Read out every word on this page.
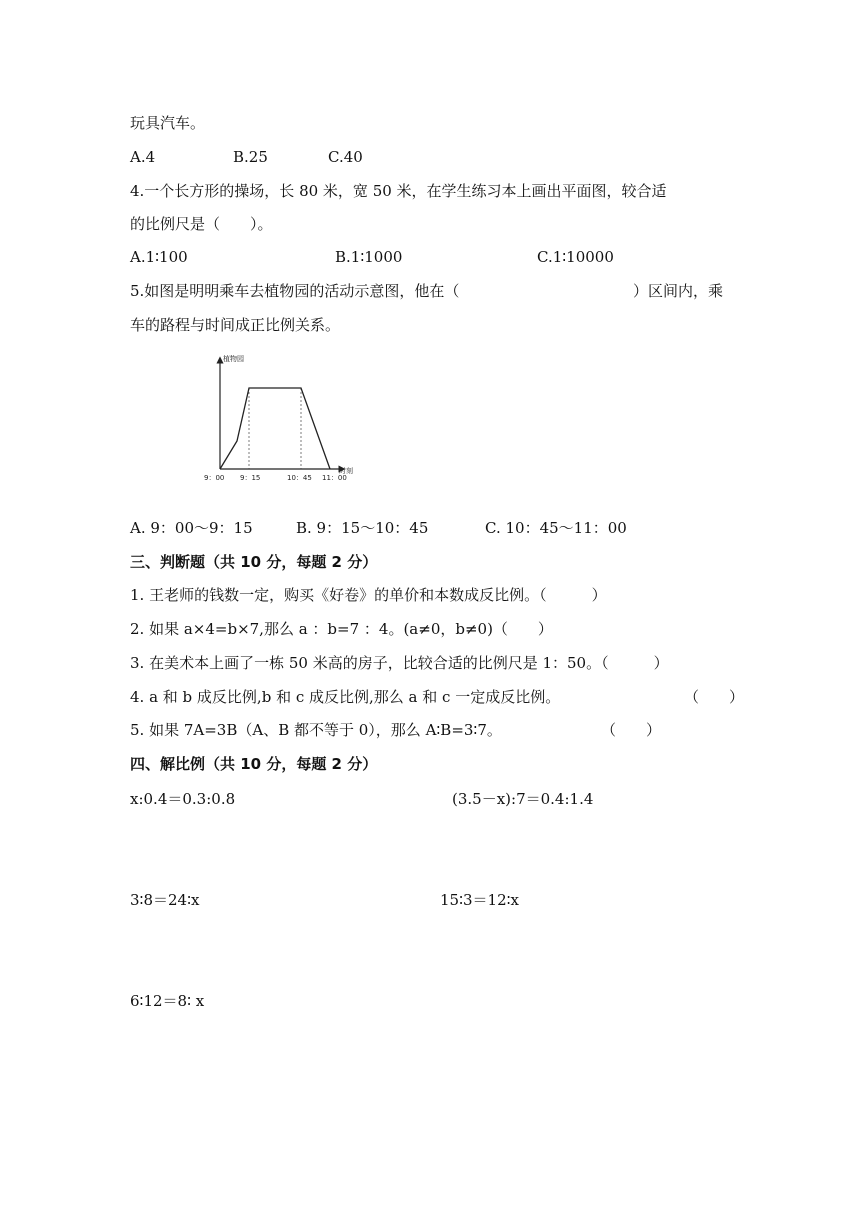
玩具汽车。
A.4	B.25	C.40
4.一个长方形的操场，长 80 米，宽 50 米，在学生练习本上画出平面图，较合适
的比例尺是（　　）。
A.1∶100	B.1∶1000	C.1∶10000
5.如图是明明乘车去植物园的活动示意图，他在（	）区间内，乘
车的路程与时间成正比例关系。
植物园
时刻
9：00 9：15	10：45 11：00
A. 9：00～9：15	B. 9：15～10：45	C. 10：45～11：00
三、判断题（共 10 分，每题 2 分）
1. 王老师的钱数一定，购买《好卷》的单价和本数成反比例。（　　　）
2. 如果 a×4=b×7,那么 a ：b=7 ：4。(a≠0，b≠0)（　　）
3. 在美术本上画了一栋 50 米高的房子，比较合适的比例尺是 1：50。（　　　）
4. a 和 b 成反比例,b 和 c 成反比例,那么 a 和 c 一定成反比例。	（　　）
5. 如果 7A=3B（A、B 都不等于 0），那么 A∶B=3∶7。	（　　）
四、解比例（共 10 分，每题 2 分）
x:0.4＝0.3:0.8	(3.5－x):7＝0.4:1.4
3∶8＝24∶x	15∶3＝12∶x
6∶12＝8∶ x
